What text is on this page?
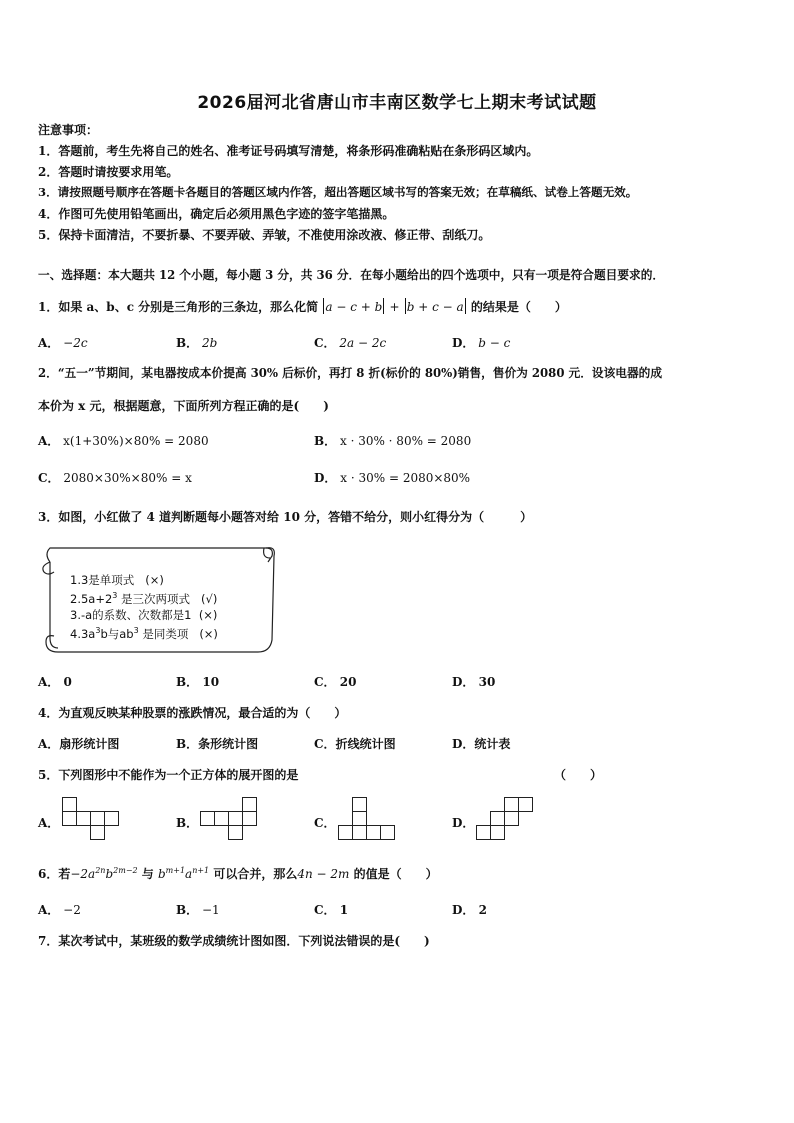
2026届河北省唐山市丰南区数学七上期末考试试题
注意事项：
1．答题前，考生先将自己的姓名、准考证号码填写清楚，将条形码准确粘贴在条形码区域内。
2．答题时请按要求用笔。
3．请按照题号顺序在答题卡各题目的答题区域内作答，超出答题区域书写的答案无效；在草稿纸、试卷上答题无效。
4．作图可先使用铅笔画出，确定后必须用黑色字迹的签字笔描黑。
5．保持卡面清洁，不要折暴、不要弄破、弄皱，不准使用涂改液、修正带、刮纸刀。
一、选择题：本大题共 12 个小题，每小题 3 分，共 36 分．在每小题给出的四个选项中，只有一项是符合题目要求的．
1．如果 a、b、c 分别是三角形的三条边，那么化简 a − c + b + b + c − a 的结果是（　　）
A． −2c	B． 2b	C． 2a − 2c	D． b − c
2．“五一”节期间，某电器按成本价提高 30% 后标价，再打 8 折(标价的 80%)销售，售价为 2080 元．设该电器的成
本价为 x 元，根据题意，下面所列方程正确的是(　　)
A． x(1+30%)×80% = 2080	B． x · 30% · 80% = 2080
C． 2080×30%×80% = x	D． x · 30% = 2080×80%
3．如图，小红做了 4 道判断题每小题答对给 10 分，答错不给分，则小红得分为（　　　）
1.3是单项式 (×)
$2.5a+2^3$ 是三次两项式 (√)
3.-a的系数、次数都是1 (×)
$4.3a^3b$与$ab^3$ 是同类项 (×)
A． 0	B． 10	C． 20	D． 30
4．为直观反映某种股票的涨跌情况，最合适的为（　　）
A．扇形统计图	B．条形统计图	C．折线统计图	D．统计表
5．下列图形中不能作为一个正方体的展开图的是	（　　）
A．	B．	C．	D．
6．若$-2a^{2n}b^{2m-2}$ 与 $b^{m+1}a^{n+1}$ 可以合并，那么4n − 2m 的值是（　　）
A． −2	B． −1	C． 1	D． 2
7．某次考试中，某班级的数学成绩统计图如图．下列说法错误的是(　　)
